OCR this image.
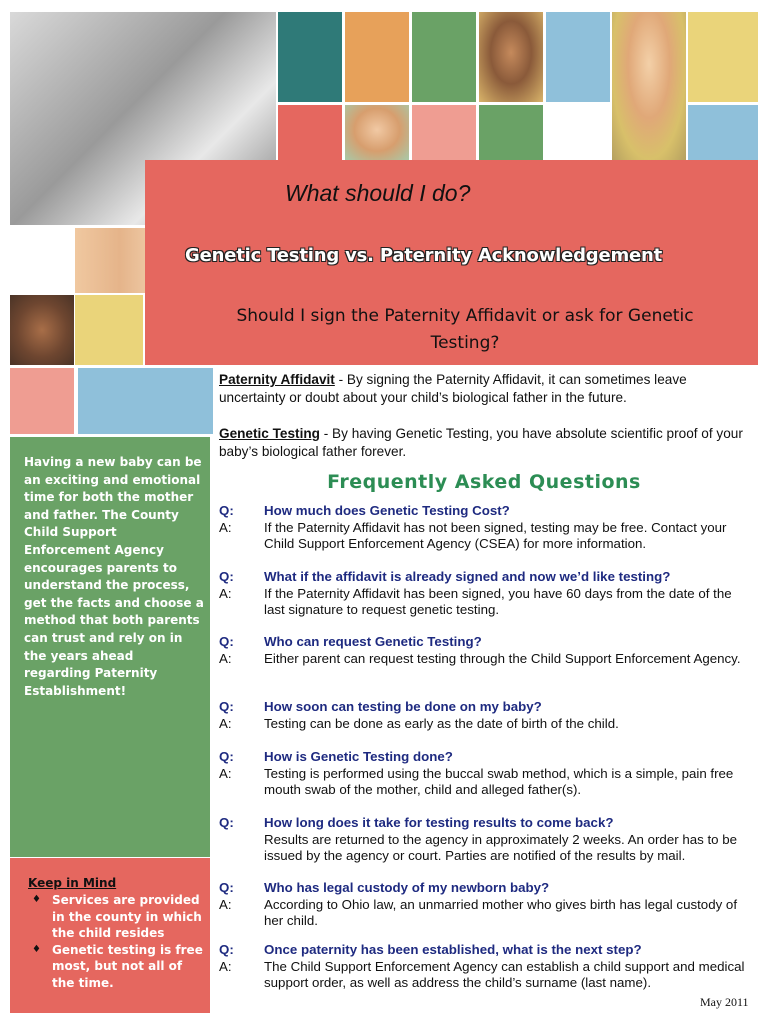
What should I do?
Genetic Testing vs. Paternity Acknowledgement
Should I sign the Paternity Affidavit or ask for Genetic Testing?
Having a new baby can be an exciting and emotional time for both the mother and father. The County Child Support Enforcement Agency encourages parents to understand the process, get the facts and choose a method that both parents can trust and rely on in the years ahead regarding Paternity Establishment!
Keep in Mind
♦ Services are provided in the county in which the child resides
♦ Genetic testing is free most, but not all of the time.
Paternity Affidavit - By signing the Paternity Affidavit, it can sometimes leave uncertainty or doubt about your child’s biological father in the future.
Genetic Testing - By having Genetic Testing, you have absolute scientific proof of your baby’s biological father forever.
Frequently Asked Questions
Q: How much does Genetic Testing Cost?
A: If the Paternity Affidavit has not been signed, testing may be free. Contact your Child Support Enforcement Agency (CSEA) for more information.
Q: What if the affidavit is already signed and now we’d like testing?
A: If the Paternity Affidavit has been signed, you have 60 days from the date of the last signature to request genetic testing.
Q: Who can request Genetic Testing?
A: Either parent can request testing through the Child Support Enforcement Agency.
Q: How soon can testing be done on my baby?
A: Testing can be done as early as the date of birth of the child.
Q: How is Genetic Testing done?
A: Testing is performed using the buccal swab method, which is a simple, pain free mouth swab of the mother, child and alleged father(s).
Q: How long does it take for testing results to come back?
Results are returned to the agency in approximately 2 weeks. An order has to be issued by the agency or court. Parties are notified of the results by mail.
Q: Who has legal custody of my newborn baby?
A: According to Ohio law, an unmarried mother who gives birth has legal custody of her child.
Q: Once paternity has been established, what is the next step?
A: The Child Support Enforcement Agency can establish a child support and medical support order, as well as address the child’s surname (last name).
May 2011
